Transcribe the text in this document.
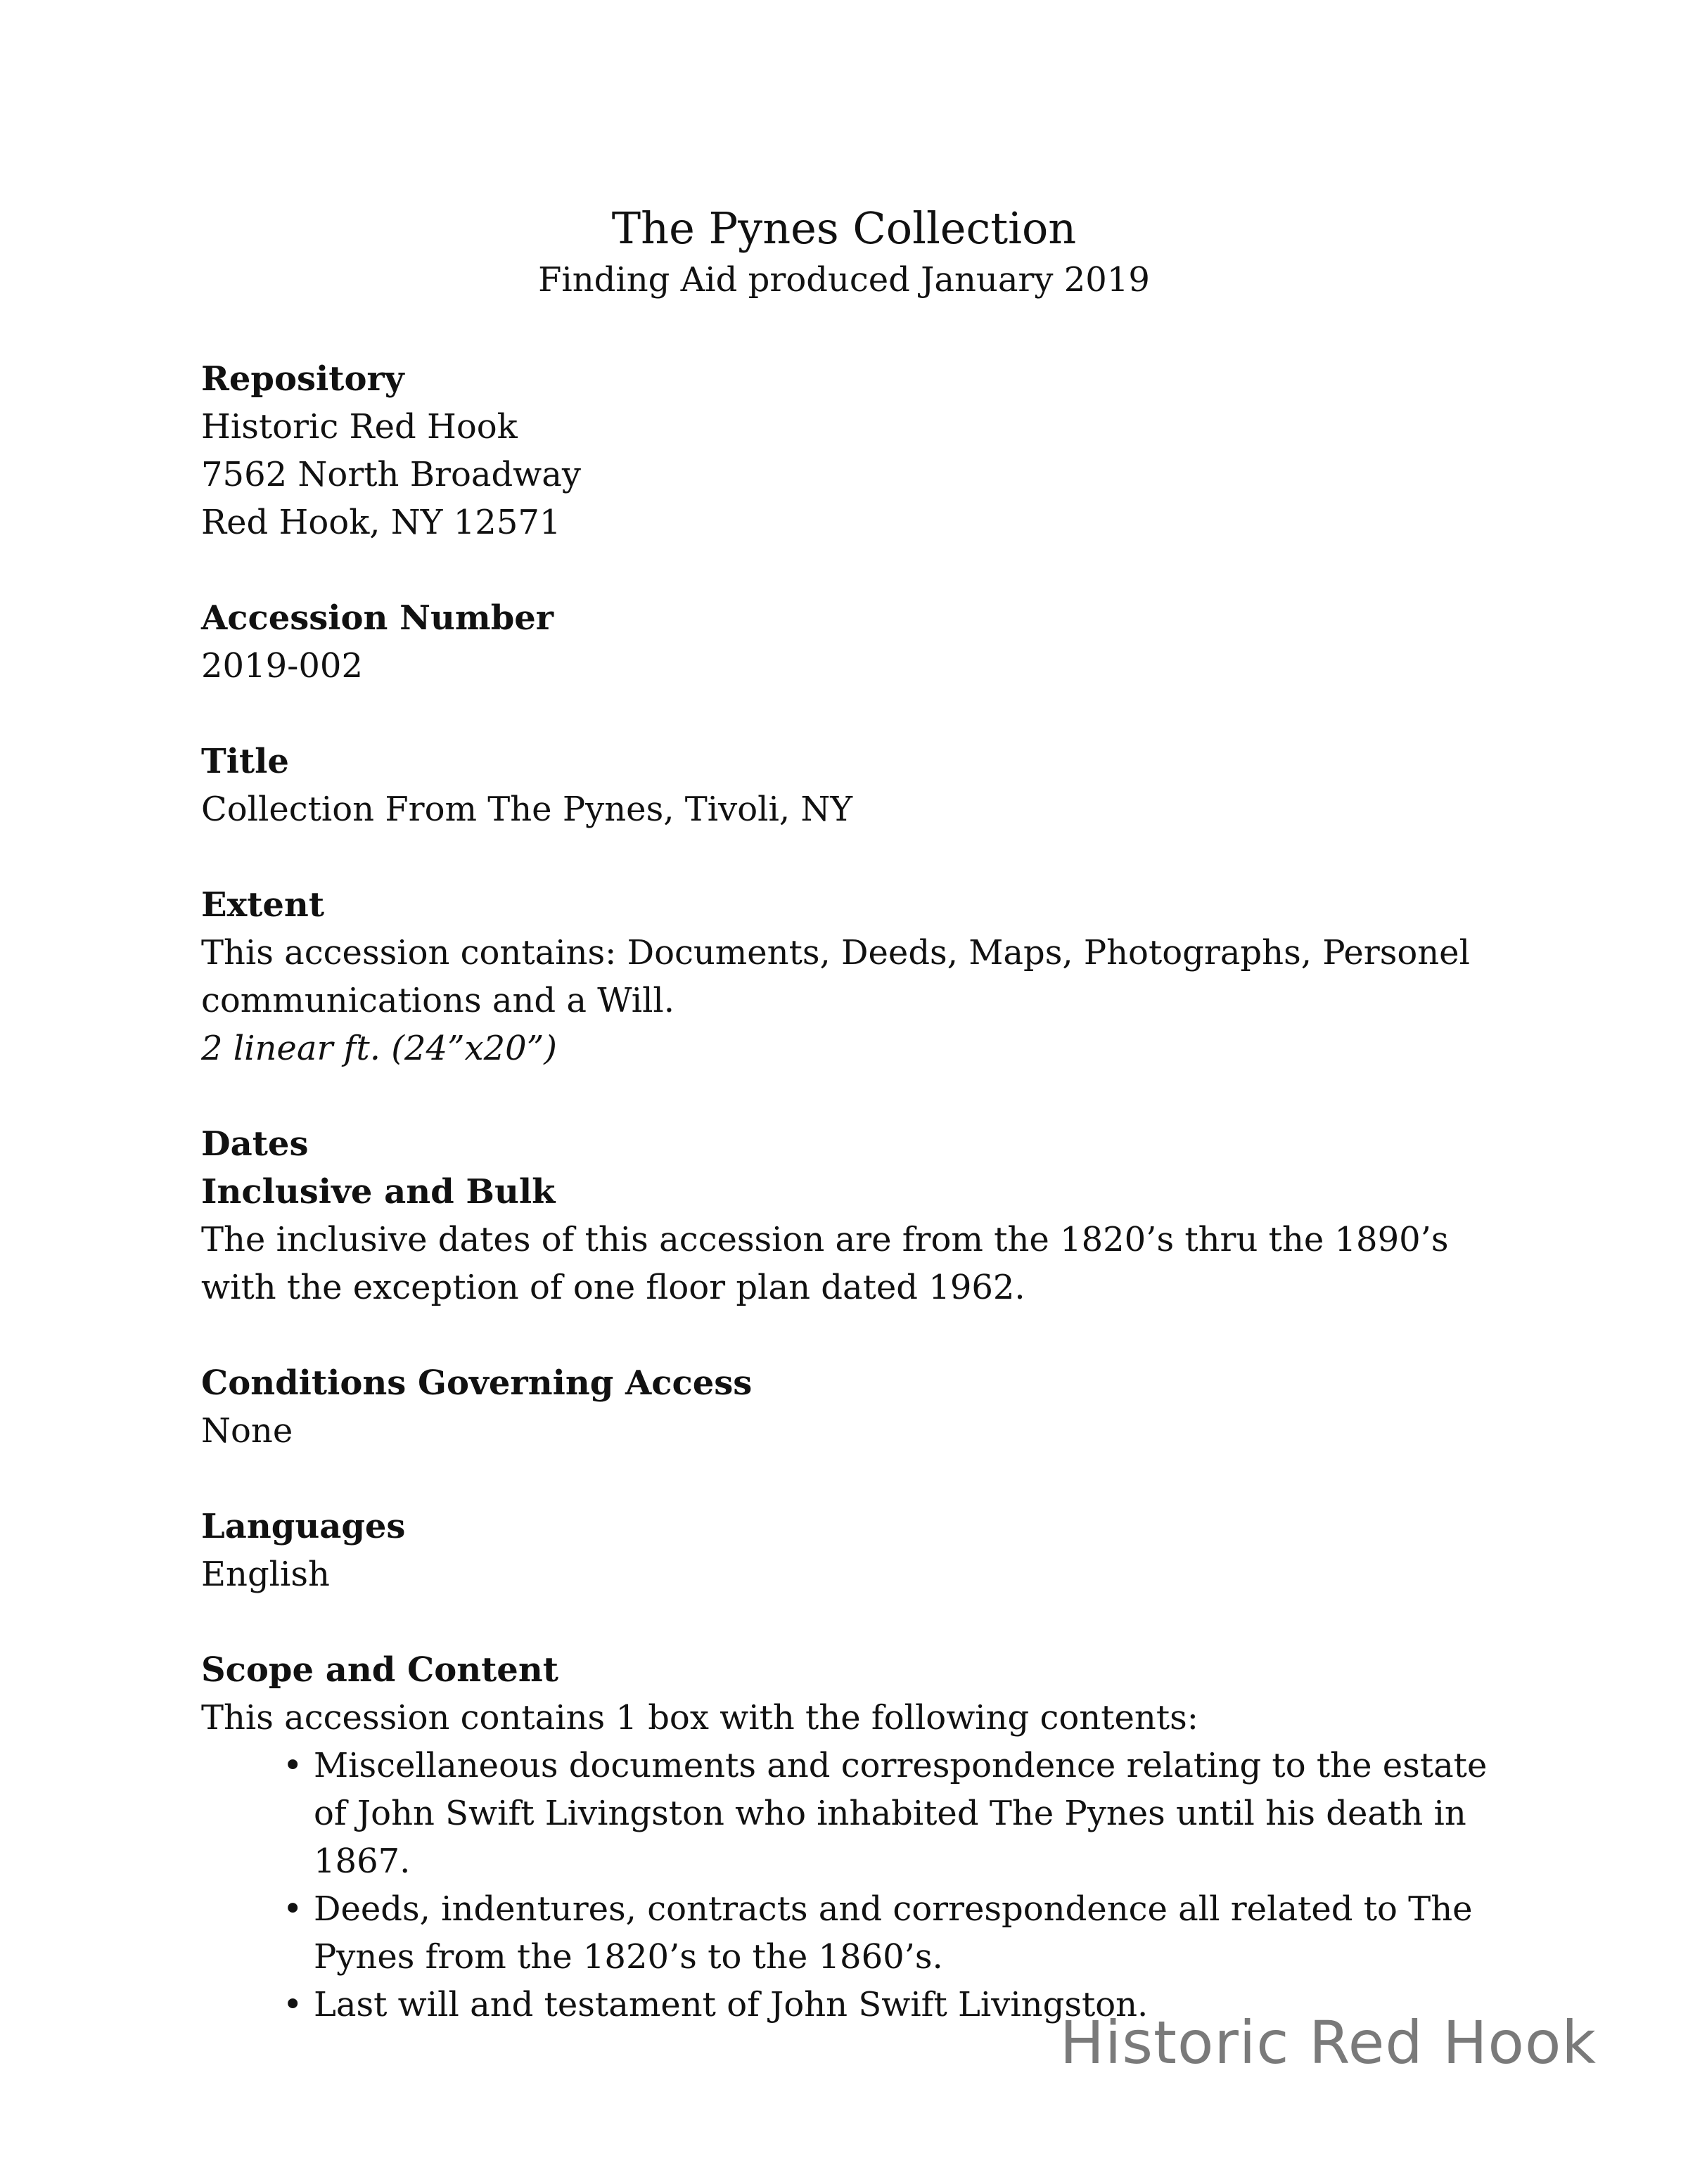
The Pynes Collection
Finding Aid produced January 2019
Repository
Historic Red Hook
7562 North Broadway
Red Hook, NY 12571
Accession Number
2019-002
Title
Collection From The Pynes, Tivoli, NY
Extent
This accession contains: Documents, Deeds, Maps, Photographs, Personel communications and a Will.
2 linear ft. (24”x20”)
Dates
Inclusive and Bulk
The inclusive dates of this accession are from the 1820’s thru the 1890’s with the exception of one floor plan dated 1962.
Conditions Governing Access
None
Languages
English
Scope and Content
This accession contains 1 box with the following contents:
• Miscellaneous documents and correspondence relating to the estate of John Swift Livingston who inhabited The Pynes until his death in 1867.
• Deeds, indentures, contracts and correspondence all related to The Pynes from the 1820’s to the 1860’s.
• Last will and testament of John Swift Livingston.
Historic Red Hook
